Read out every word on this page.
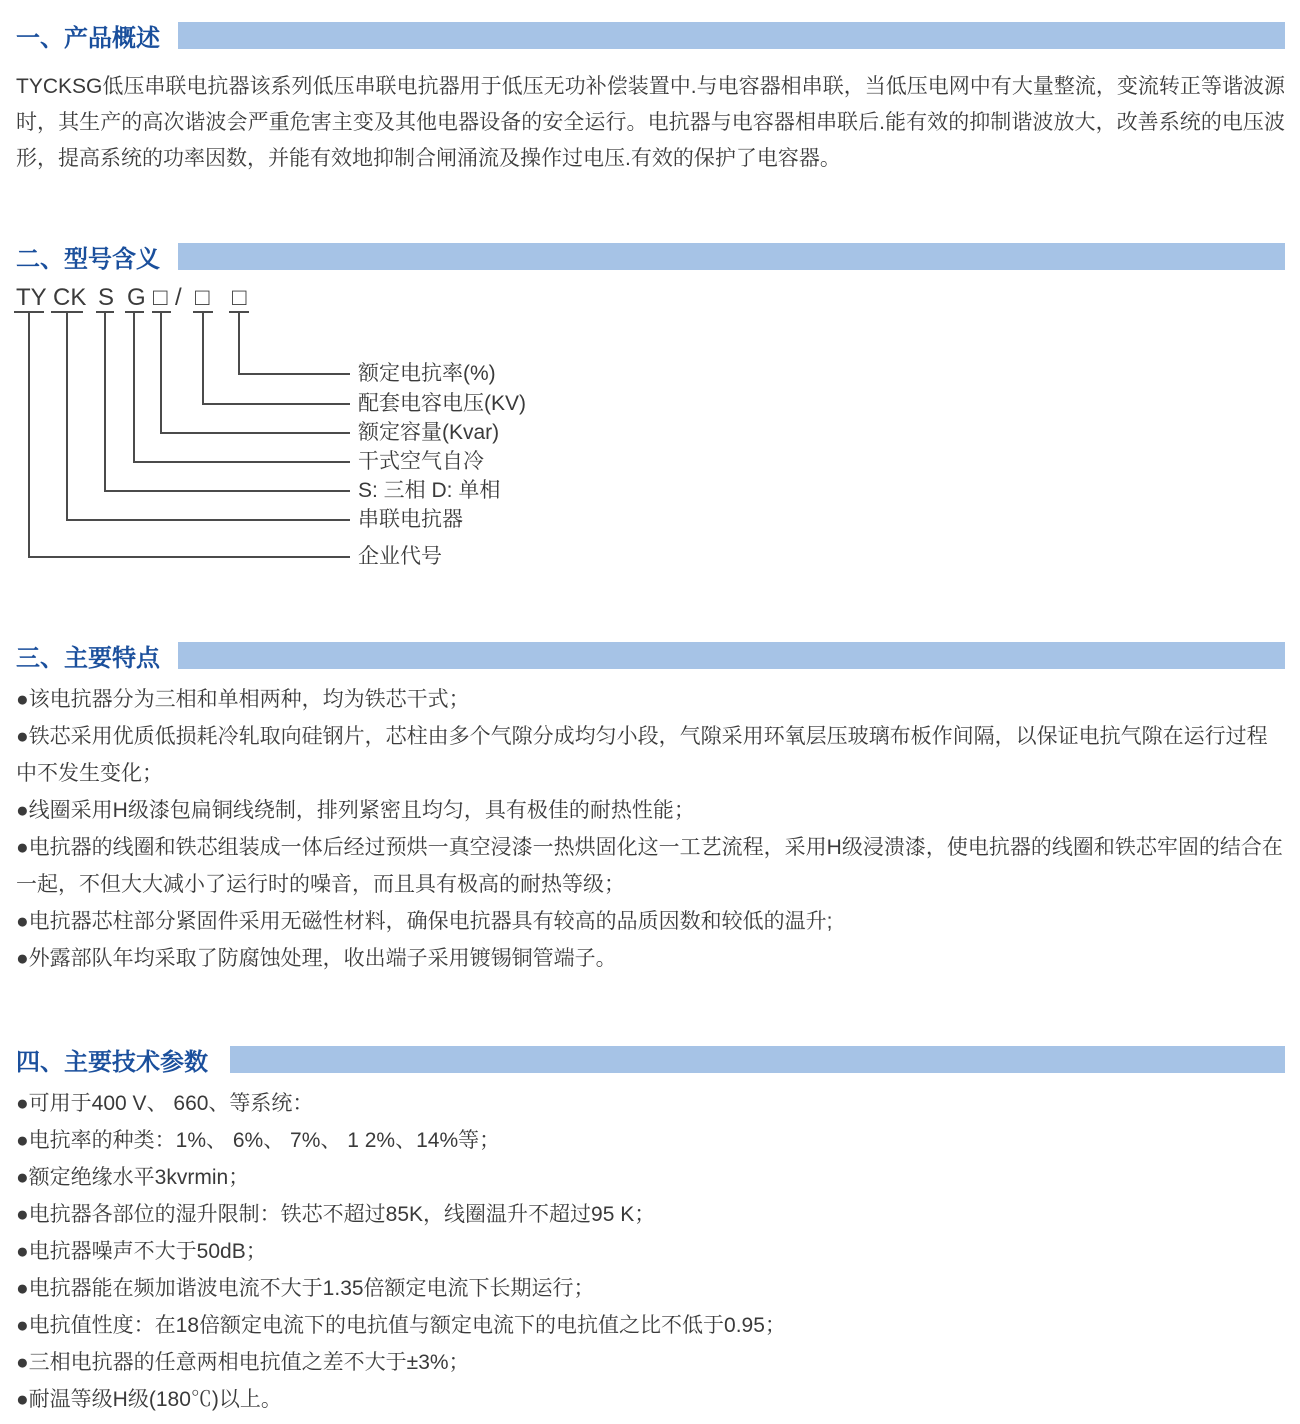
一、产品概述

TYCKSG低压串联电抗器该系列低压串联电抗器用于低压无功补偿装置中.与电容器相串联，当低压电网中有大量整流，变流转正等谐波源时，其生产的高次谐波会严重危害主变及其他电器设备的安全运行。电抗器与电容器相串联后.能有效的抑制谐波放大，改善系统的电压波形，提高系统的功率因数，并能有效地抑制合闸涌流及操作过电压.有效的保护了电容器。

二、型号含义
TY CK S G □ / □ □
额定电抗率(%)
配套电容电压(KV)
额定容量(Kvar)
干式空气自冷
S: 三相 D: 单相
串联电抗器
企业代号
三、主要特点
●该电抗器分为三相和单相两种，均为铁芯干式；
●铁芯采用优质低损耗冷轧取向硅钢片，芯柱由多个气隙分成均匀小段，气隙采用环氧层压玻璃布板作间隔，以保证电抗气隙在运行过程中不发生变化；
●线圈采用H级漆包扁铜线绕制，排列紧密且均匀，具有极佳的耐热性能；
●电抗器的线圈和铁芯组装成一体后经过预烘一真空浸漆一热烘固化这一工艺流程，采用H级浸溃漆，使电抗器的线圈和铁芯牢固的结合在一起，不但大大减小了运行时的噪音，而且具有极高的耐热等级；
●电抗器芯柱部分紧固件采用无磁性材料，确保电抗器具有较高的品质因数和较低的温升;
●外露部队年均采取了防腐蚀处理，收出端子采用镀锡铜管端子。
四、主要技术参数
●可用于400 V、 660、等系统：
●电抗率的种类：1%、 6%、 7%、 1 2%、14%等；
●额定绝缘水平3kvrmin；
●电抗器各部位的湿升限制：铁芯不超过85K，线圈温升不超过95 K；
●电抗器噪声不大于50dB；
●电抗器能在频加谐波电流不大于1.35倍额定电流下长期运行；
●电抗值性度：在18倍额定电流下的电抗值与额定电流下的电抗值之比不低于0.95；
●三相电抗器的任意两相电抗值之差不大于±3%；
●耐温等级H级(180℃)以上。
